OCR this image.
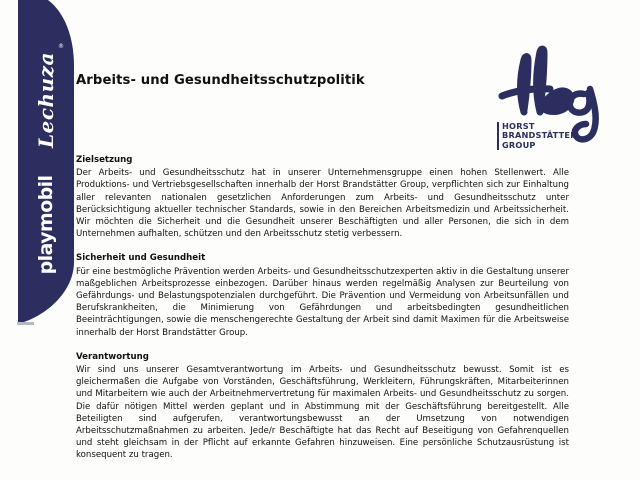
®
Lechuza
playmobil
HORST
BRANDSTÄTTER
GROUP
Arbeits- und Gesundheitsschutzpolitik
Zielsetzung

Der Arbeits- und Gesundheitsschutz hat in unserer Unternehmensgruppe einen hohen Stellenwert. Alle Produktions- und Vertriebsgesellschaften innerhalb der Horst Brandstätter Group, verpflichten sich zur Einhaltung aller relevanten nationalen gesetzlichen Anforderungen zum Arbeits- und Gesundheitsschutz unter Berücksichtigung aktueller technischer Standards, sowie in den Bereichen Arbeitsmedizin und Arbeitssicherheit. Wir möchten die Sicherheit und die Gesundheit unserer Beschäftigten und aller Personen, die sich in dem Unternehmen aufhalten, schützen und den Arbeitsschutz stetig verbessern.

Sicherheit und Gesundheit

Für eine bestmögliche Prävention werden Arbeits- und Gesundheitsschutzexperten aktiv in die Gestaltung unserer maßgeblichen Arbeitsprozesse einbezogen. Darüber hinaus werden regelmäßig Analysen zur Beurteilung von Gefährdungs- und Belastungspotenzialen durchgeführt. Die Prävention und Vermeidung von Arbeitsunfällen und Berufskrankheiten, die Minimierung von Gefährdungen und arbeitsbedingten gesundheitlichen Beeinträchtigungen, sowie die menschengerechte Gestaltung der Arbeit sind damit Maximen für die Arbeitsweise innerhalb der Horst Brandstätter Group.

Verantwortung

Wir sind uns unserer Gesamtverantwortung im Arbeits- und Gesundheitsschutz bewusst. Somit ist es gleichermaßen die Aufgabe von Vorständen, Geschäftsführung, Werkleitern, Führungskräften, Mitarbeiterinnen und Mitarbeitern wie auch der Arbeitnehmervertretung für maximalen Arbeits- und Gesundheitsschutz zu sorgen. Die dafür nötigen Mittel werden geplant und in Abstimmung mit der Geschäftsführung bereitgestellt. Alle Beteiligten sind aufgerufen, verantwortungsbewusst an der Umsetzung von notwendigen Arbeitsschutzmaßnahmen zu arbeiten. Jede/r Beschäftigte hat das Recht auf Beseitigung von Gefahrenquellen und steht gleichsam in der Pflicht auf erkannte Gefahren hinzuweisen. Eine persönliche Schutzausrüstung ist konsequent zu tragen.
